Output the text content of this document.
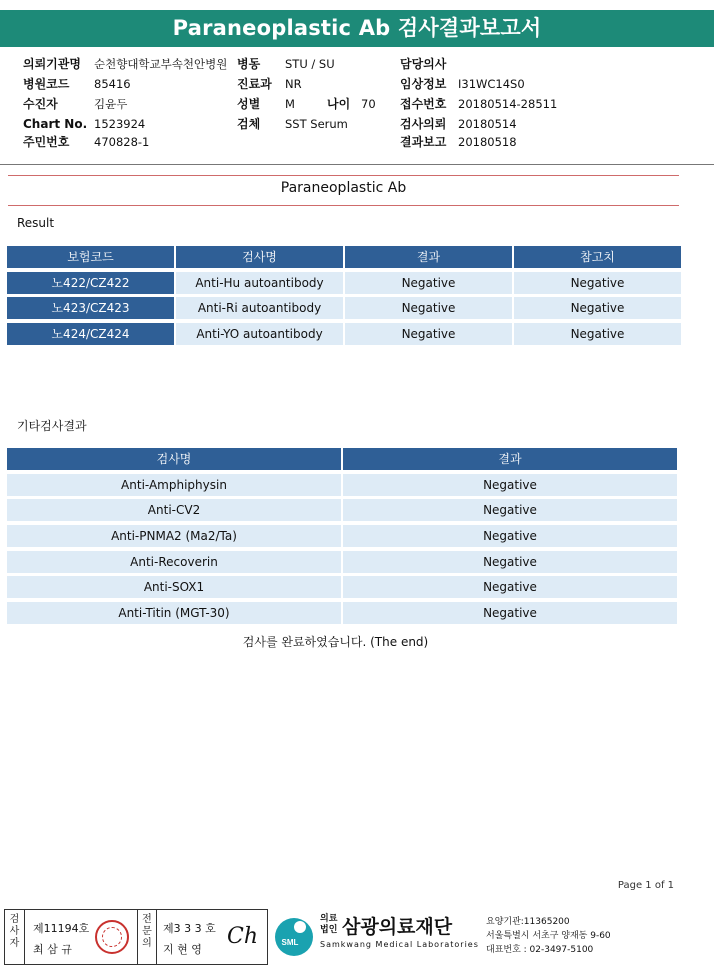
Paraneoplastic Ab 검사결과보고서
의뢰기관명 순천향대학교부속천안병원 병동 STU / SU	담당의사
병원코드 85416	진료과 NR	임상정보 I31WC14S0
수진자	김윤두	성별 M	나이 70 접수번호 20180514-28511
Chart No. 1523924	검체 SST Serum	검사의뢰 20180514
주민번호 470828-1	결과보고 20180518
Paraneoplastic Ab
Result
보험코드	검사명	결과	참고치
노422/CZ422	Anti-Hu autoantibody	Negative	Negative
노423/CZ423	Anti-Ri autoantibody	Negative	Negative
노424/CZ424	Anti-YO autoantibody	Negative	Negative
기타검사결과
검사명	결과
Anti-Amphiphysin	Negative
Anti-CV2	Negative
Anti-PNMA2 (Ma2/Ta)	Negative
Anti-Recoverin	Negative
Anti-SOX1	Negative
Anti-Titin (MGT-30)	Negative
검사를 완료하였습니다. (The end)
Page 1 of 1
검사자
제11194호
최 삼 규
전문의
제3 3 3 호
지 현 영
Ch	SML
의료
법인 삼광의료재단
Samkwang Medical Laboratories
요양기관:11365200
서울특별시 서초구 양재동 9-60
대표번호 : 02-3497-5100
